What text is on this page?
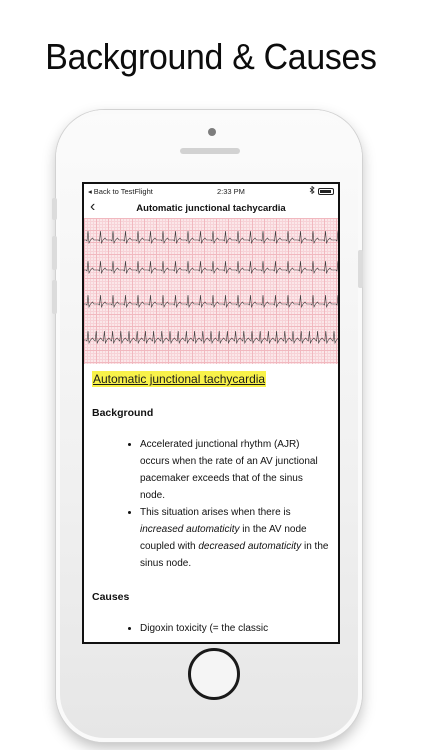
Background & Causes
◂ Back to TestFlight	2:33 PM
‹	Automatic junctional tachycardia
Automatic junctional tachycardia
Background
• Accelerated junctional rhythm (AJR) occurs when the rate of an AV junctional pacemaker exceeds that of the sinus node.
• This situation arises when there is increased automaticity in the AV node coupled with decreased automaticity in the sinus node.
Causes
• Digoxin toxicity (= the classic
